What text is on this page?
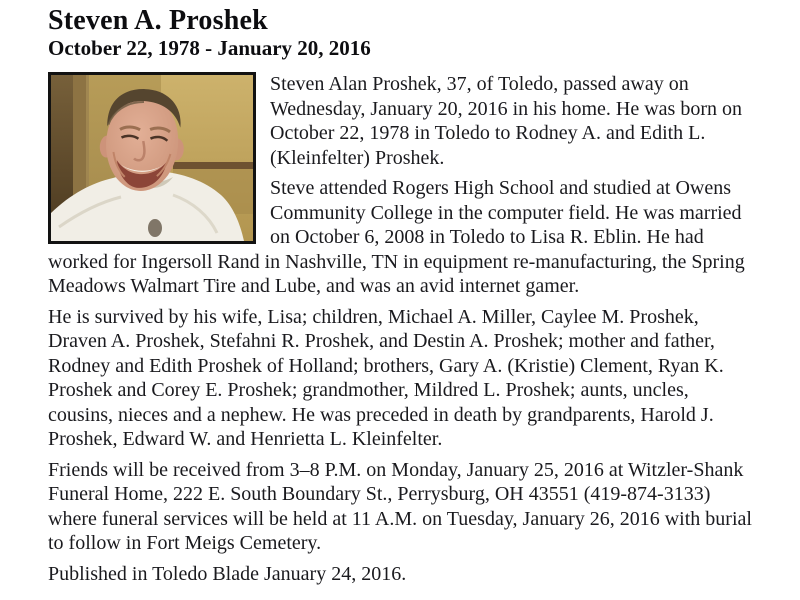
Steven A. Proshek
October 22, 1978 - January 20, 2016

Steven Alan Proshek, 37, of Toledo, passed away on Wednesday, January 20, 2016 in his home. He was born on October 22, 1978 in Toledo to Rodney A. and Edith L. (Kleinfelter) Proshek.

Steve attended Rogers High School and studied at Owens Community College in the computer field. He was married on October 6, 2008 in Toledo to Lisa R. Eblin. He had worked for Ingersoll Rand in Nashville, TN in equipment re-manufacturing, the Spring Meadows Walmart Tire and Lube, and was an avid internet gamer.

He is survived by his wife, Lisa; children, Michael A. Miller, Caylee M. Proshek, Draven A. Proshek, Stefahni R. Proshek, and Destin A. Proshek; mother and father, Rodney and Edith Proshek of Holland; brothers, Gary A. (Kristie) Clement, Ryan K. Proshek and Corey E. Proshek; grandmother, Mildred L. Proshek; aunts, uncles, cousins, nieces and a nephew. He was preceded in death by grandparents, Harold J. Proshek, Edward W. and Henrietta L. Kleinfelter.

Friends will be received from 3–8 P.M. on Monday, January 25, 2016 at Witzler-Shank Funeral Home, 222 E. South Boundary St., Perrysburg, OH 43551 (419-874-3133) where funeral services will be held at 11 A.M. on Tuesday, January 26, 2016 with burial to follow in Fort Meigs Cemetery.

Published in Toledo Blade January 24, 2016.
